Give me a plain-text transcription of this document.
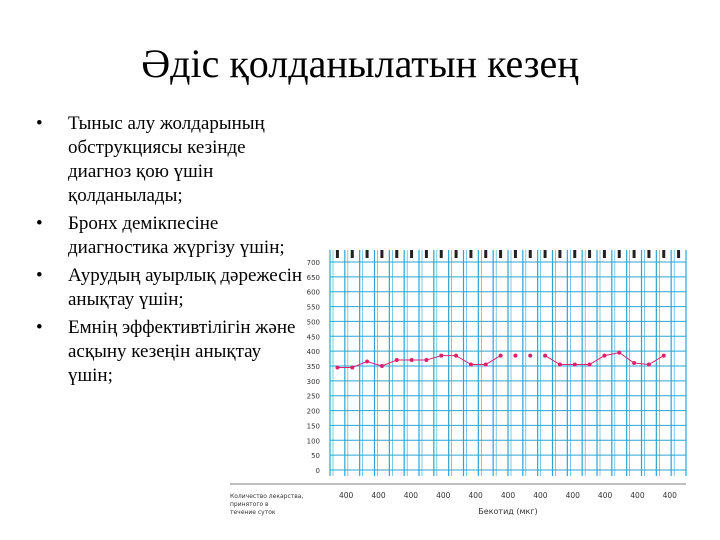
Әдіс қолданылатын кезең
• Тыныс алу жолдарының обструкциясы кезінде диагноз қою үшін қолданылады;
• Бронх демікпесіне диагностика жүргізу үшін;
• Аурудың ауырлық дәрежесін анықтау үшін;
• Емнің эффективтілігін және асқыну кезеңін анықтау үшін;
700
650
600
550
500
450
400
350
300
250
200
150
100
50
0
400 400 400 400 400 400 400 400 400 400 400
Количество лекарства, принятого в течение суток	Бекотид (мкг)
